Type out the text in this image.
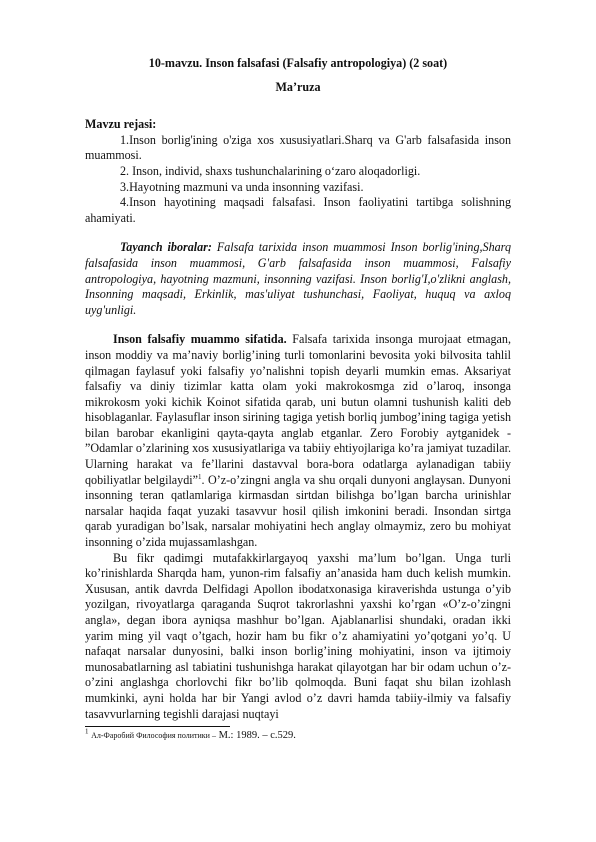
10-mavzu. Inson falsafasi (Falsafiy antropologiya) (2 soat)

Ma’ruza

Mavzu rejasi:

1.Inson borlig'ining o'ziga xos xususiyatlari.Sharq va G'arb falsafasida inson muammosi.

2. Inson, individ, shaxs tushunchalarining o‘zaro aloqadorligi.

3.Hayotning mazmuni va unda insonning vazifasi.

4.Inson hayotining maqsadi falsafasi. Inson faoliyatini tartibga solishning ahamiyati.

Tayanch iboralar: Falsafa tarixida inson muammosi Inson borlig'ining,Sharq falsafasida inson muammosi, G'arb falsafasida inson muammosi, Falsafiy antropologiya, hayotning mazmuni, insonning vazifasi. Inson borlig'I,o'zlikni anglash, Insonning maqsadi, Erkinlik, mas'uliyat tushunchasi, Faoliyat, huquq va axloq uyg'unligi.

Inson falsafiy muammo sifatida. Falsafa tarixida insonga murojaat etmagan, inson moddiy va ma’naviy borlig’ining turli tomonlarini bevosita yoki bilvosita tahlil qilmagan faylasuf yoki falsafiy yo’nalishni topish deyarli mumkin emas. Aksariyat falsafiy va diniy tizimlar katta olam yoki makrokosmga zid o’laroq, insonga mikrokosm yoki kichik Koinot sifatida qarab, uni butun olamni tushunish kaliti deb hisoblaganlar. Faylasuflar inson sirining tagiga yetish borliq jumbog’ining tagiga yetish bilan barobar ekanligini qayta-qayta anglab etganlar. Zero Forobiy aytganidek - ”Odamlar o’zlarining xos xususiyatlariga va tabiiy ehtiyojlariga ko’ra jamiyat tuzadilar. Ularning harakat va fe’llarini dastavval bora-bora odatlarga aylanadigan tabiiy qobiliyatlar belgilaydi”$^1$. O’z-o’zingni angla va shu orqali dunyoni anglaysan. Dunyoni insonning teran qatlamlariga kirmasdan sirtdan bilishga bo’lgan barcha urinishlar narsalar haqida faqat yuzaki tasavvur hosil qilish imkonini beradi. Insondan sirtga qarab yuradigan bo’lsak, narsalar mohiyatini hech anglay olmaymiz, zero bu mohiyat insonning o’zida mujassamlashgan.

Bu fikr qadimgi mutafakkirlargayoq yaxshi ma’lum bo’lgan. Unga turli ko’rinishlarda Sharqda ham, yunon-rim falsafiy an’anasida ham duch kelish mumkin. Xususan, antik davrda Delfidagi Apollon ibodatxonasiga kiraverishda ustunga o’yib yozilgan, rivoyatlarga qaraganda Suqrot takrorlashni yaxshi ko’rgan «O’z-o’zingni angla», degan ibora ayniqsa mashhur bo’lgan. Ajablanarlisi shundaki, oradan ikki yarim ming yil vaqt o’tgach, hozir ham bu fikr o’z ahamiyatini yo’qotgani yo’q. U nafaqat narsalar dunyosini, balki inson borlig’ining mohiyatini, inson va ijtimoiy munosabatlarning asl tabiatini tushunishga harakat qilayotgan har bir odam uchun o’z-o’zini anglashga chorlovchi fikr bo’lib qolmoqda. Buni faqat shu bilan izohlash mumkinki, ayni holda har bir Yangi avlod o’z davri hamda tabiiy-ilmiy va falsafiy tasavvurlarning tegishli darajasi nuqtayi

$^1$ Ал-Фаробий Философия политики – М.: 1989. – с.529.
